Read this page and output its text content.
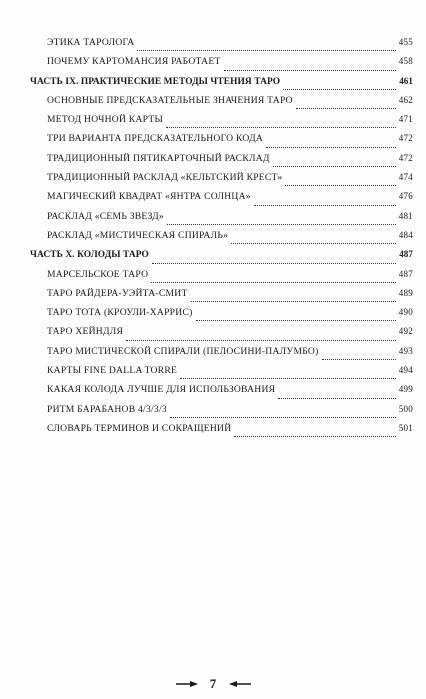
ЭТИКА ТАРОЛОГА	455
ПОЧЕМУ КАРТОМАНСИЯ РАБОТАЕТ	458
ЧАСТЬ IX. ПРАКТИЧЕСКИЕ МЕТОДЫ ЧТЕНИЯ ТАРО	461
ОСНОВНЫЕ ПРЕДСКАЗАТЕЛЬНЫЕ ЗНАЧЕНИЯ ТАРО	462
МЕТОД НОЧНОЙ КАРТЫ	471
ТРИ ВАРИАНТА ПРЕДСКАЗАТЕЛЬНОГО КОДА	472
ТРАДИЦИОННЫЙ ПЯТИКАРТОЧНЫЙ РАСКЛАД	472
ТРАДИЦИОННЫЙ РАСКЛАД «КЕЛЬТСКИЙ КРЕСТ»	474
МАГИЧЕСКИЙ КВАДРАТ «ЯНТРА СОЛНЦА»	476
РАСКЛАД «СЕМЬ ЗВЕЗД»	481
РАСКЛАД «МИСТИЧЕСКАЯ СПИРАЛЬ»	484
ЧАСТЬ X. КОЛОДЫ ТАРО	487
МАРСЕЛЬСКОЕ ТАРО	487
ТАРО РАЙДЕРА-УЭЙТА-СМИТ	489
ТАРО ТОТА (КРОУЛИ-ХАРРИС)	490
ТАРО ХЕЙНДЛЯ	492
ТАРО МИСТИЧЕСКОЙ СПИРАЛИ (ПЕЛОСИНИ-ПАЛУМБО)	493
КАРТЫ FINE DALLA TORRE	494
КАКАЯ КОЛОДА ЛУЧШЕ ДЛЯ ИСПОЛЬЗОВАНИЯ	499
РИТМ БАРАБАНОВ 4/3/3/3	500
СЛОВАРЬ ТЕРМИНОВ И СОКРАЩЕНИЙ	501
7
